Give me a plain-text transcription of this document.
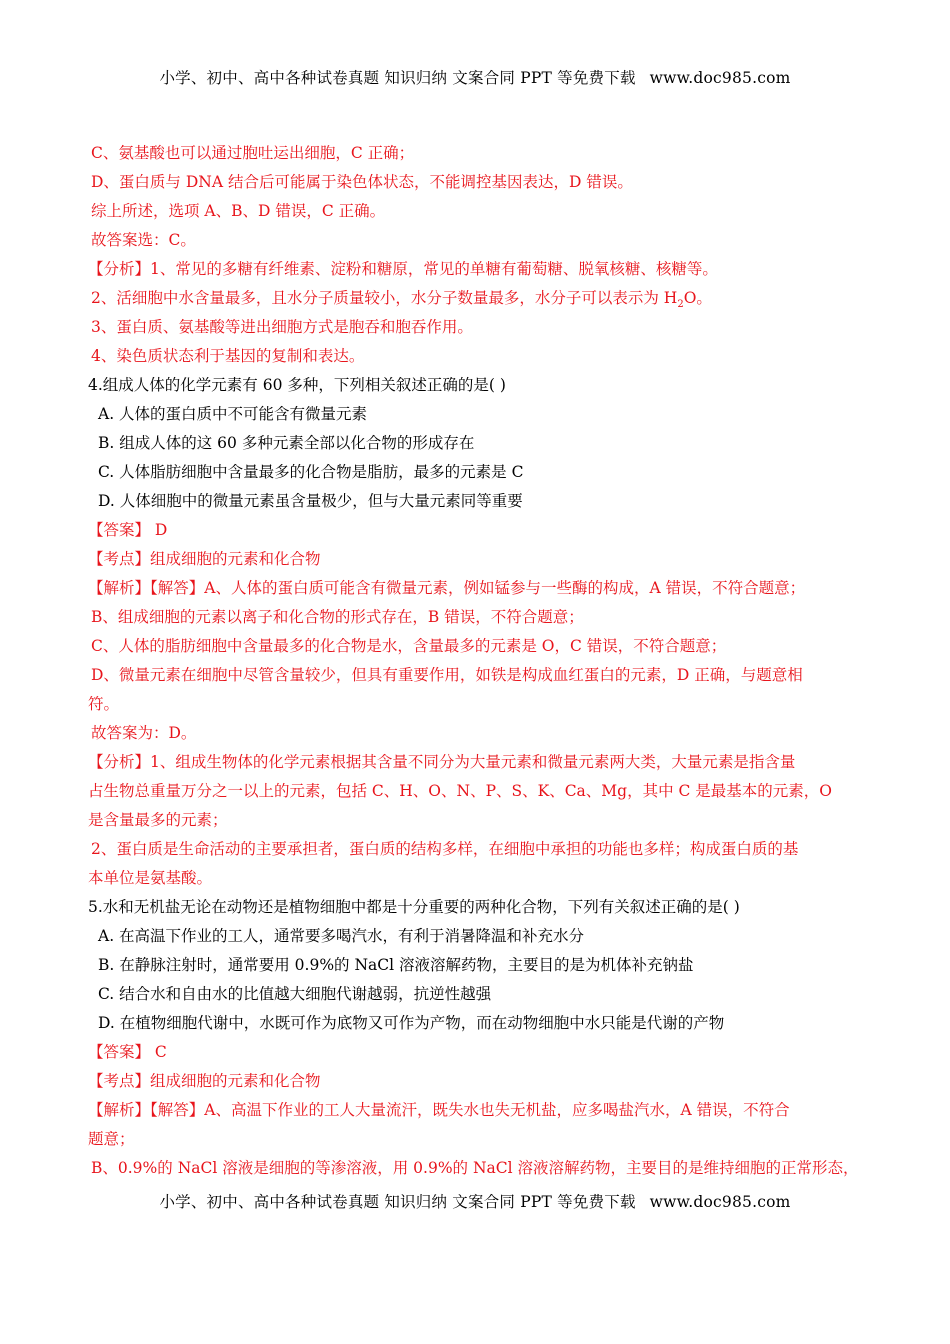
小学、初中、高中各种试卷真题 知识归纳 文案合同 PPT 等免费下载 www.doc985.com
C、氨基酸也可以通过胞吐运出细胞，C 正确；
D、蛋白质与 DNA 结合后可能属于染色体状态，不能调控基因表达，D 错误。
综上所述，选项 A、B、D 错误，C 正确。
故答案选：C。
【分析】1、常见的多糖有纤维素、淀粉和糖原，常见的单糖有葡萄糖、脱氧核糖、核糖等。
2、活细胞中水含量最多，且水分子质量较小，水分子数量最多，水分子可以表示为 $H_2O$。
3、蛋白质、氨基酸等进出细胞方式是胞吞和胞吞作用。
4、染色质状态利于基因的复制和表达。
4.组成人体的化学元素有 60 多种，下列相关叙述正确的是( )
A. 人体的蛋白质中不可能含有微量元素
B. 组成人体的这 60 多种元素全部以化合物的形成存在
C. 人体脂肪细胞中含量最多的化合物是脂肪，最多的元素是 C
D. 人体细胞中的微量元素虽含量极少，但与大量元素同等重要
【答案】 D
【考点】组成细胞的元素和化合物
【解析】【解答】A、人体的蛋白质可能含有微量元素，例如锰参与一些酶的构成，A 错误，不符合题意；
B、组成细胞的元素以离子和化合物的形式存在，B 错误，不符合题意；
C、人体的脂肪细胞中含量最多的化合物是水，含量最多的元素是 O，C 错误，不符合题意；
D、微量元素在细胞中尽管含量较少，但具有重要作用，如铁是构成血红蛋白的元素，D 正确，与题意相
符。
故答案为：D。
【分析】1、组成生物体的化学元素根据其含量不同分为大量元素和微量元素两大类，大量元素是指含量
占生物总重量万分之一以上的元素，包括 C、H、O、N、P、S、K、Ca、Mg，其中 C 是最基本的元素，O
是含量最多的元素；
2、蛋白质是生命活动的主要承担者，蛋白质的结构多样，在细胞中承担的功能也多样；构成蛋白质的基
本单位是氨基酸。
5.水和无机盐无论在动物还是植物细胞中都是十分重要的两种化合物，下列有关叙述正确的是( )
A. 在高温下作业的工人，通常要多喝汽水，有利于消暑降温和补充水分
B. 在静脉注射时，通常要用 0.9%的 NaCl 溶液溶解药物，主要目的是为机体补充钠盐
C. 结合水和自由水的比值越大细胞代谢越弱，抗逆性越强
D. 在植物细胞代谢中，水既可作为底物又可作为产物，而在动物细胞中水只能是代谢的产物
【答案】 C
【考点】组成细胞的元素和化合物
【解析】【解答】A、高温下作业的工人大量流汗，既失水也失无机盐，应多喝盐汽水，A 错误，不符合
题意；
B、0.9%的 NaCl 溶液是细胞的等渗溶液，用 0.9%的 NaCl 溶液溶解药物，主要目的是维持细胞的正常形态，
小学、初中、高中各种试卷真题 知识归纳 文案合同 PPT 等免费下载 www.doc985.com
